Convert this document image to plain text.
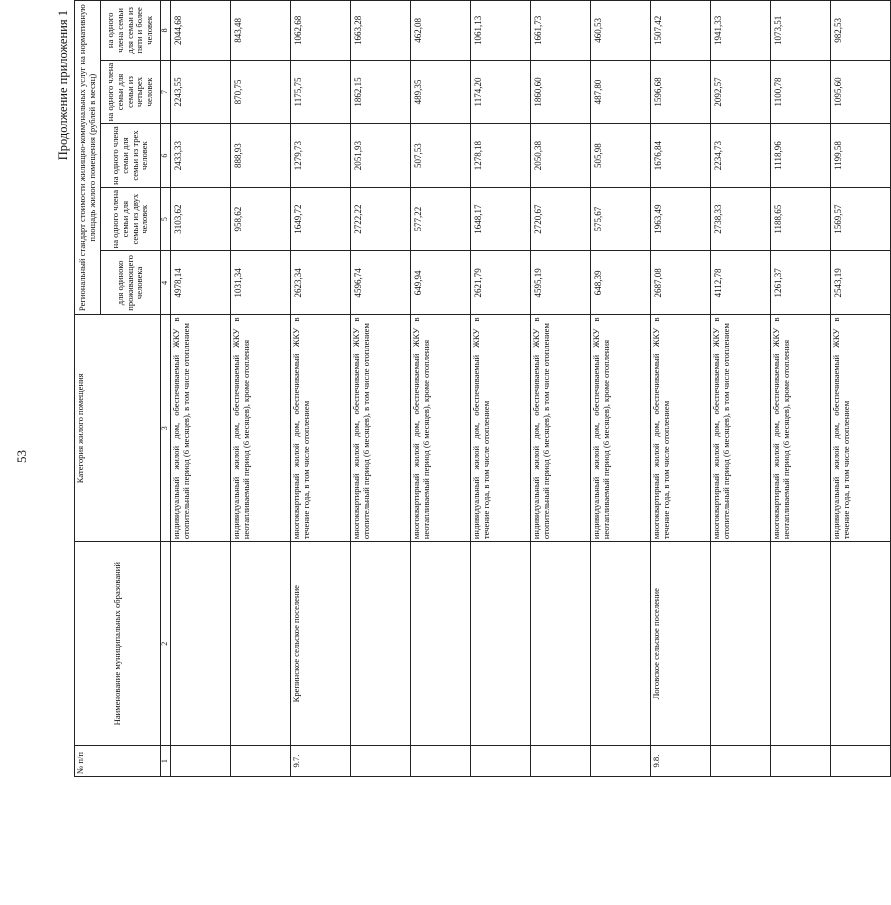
53
Продолжение приложения 1
№ п/п	Наименование муниципальных образований	Категория жилого помещения	Региональный стандарт стоимости жилищно-коммунальных услуг на нормативную площадь жилого помещения (рублей в месяц)				
			для одиноко проживающего человека	на одного члена семьи для семьи из двух человек	на одного члена семьи для семьи из трех человек	на одного члена семьи для семьи из четырех человек	на одного члена семьи для семьи из пяти и более человек
1	2	3	4	5	6	7	8
		индивидуальный жилой дом, обеспечиваемый ЖКУ в отопительный период (6 месяцев), в том числе отоплением	4978,14	3103,62	2433,33	2243,55	2044,68
		индивидуальный жилой дом, обеспечиваемый ЖКУ в неотапливаемый период (6 месяцев), кроме отопления	1031,34	958,62	888,93	870,75	843,48
9.7.	Крепинское сельское поселение	многоквартирный жилой дом, обеспечиваемый ЖКУ в течение года, в том числе отоплением	2623,34	1649,72	1279,73	1175,75	1062,68
		многоквартирный жилой дом, обеспечиваемый ЖКУ в отопительный период (6 месяцев), в том числе отоплением	4596,74	2722,22	2051,93	1862,15	1663,28
		многоквартирный жилой дом, обеспечиваемый ЖКУ в неотапливаемый период (6 месяцев), кроме отопления	649,94	577,22	507,53	489,35	462,08
		индивидуальный жилой дом, обеспечиваемый ЖКУ в течение года, в том числе отоплением	2621,79	1648,17	1278,18	1174,20	1061,13
		индивидуальный жилой дом, обеспечиваемый ЖКУ в отопительный период (6 месяцев), в том числе отоплением	4595,19	2720,67	2050,38	1860,60	1661,73
		индивидуальный жилой дом, обеспечиваемый ЖКУ в неотапливаемый период (6 месяцев), кроме отопления	648,39	575,67	505,98	487,80	460,53
9.8.	Логовское сельское поселение	многоквартирный жилой дом, обеспечиваемый ЖКУ в течение года, в том числе отоплением	2687,08	1963,49	1676,84	1596,68	1507,42
		многоквартирный жилой дом, обеспечиваемый ЖКУ в отопительный период (6 месяцев), в том числе отоплением	4112,78	2738,33	2234,73	2092,57	1941,33
		многоквартирный жилой дом, обеспечиваемый ЖКУ в неотапливаемый период (6 месяцев), кроме отопления	1261,37	1188,65	1118,96	1100,78	1073,51
		индивидуальный жилой дом, обеспечиваемый ЖКУ в течение года, в том числе отоплением	2543,19	1569,57	1199,58	1095,60	982,53
